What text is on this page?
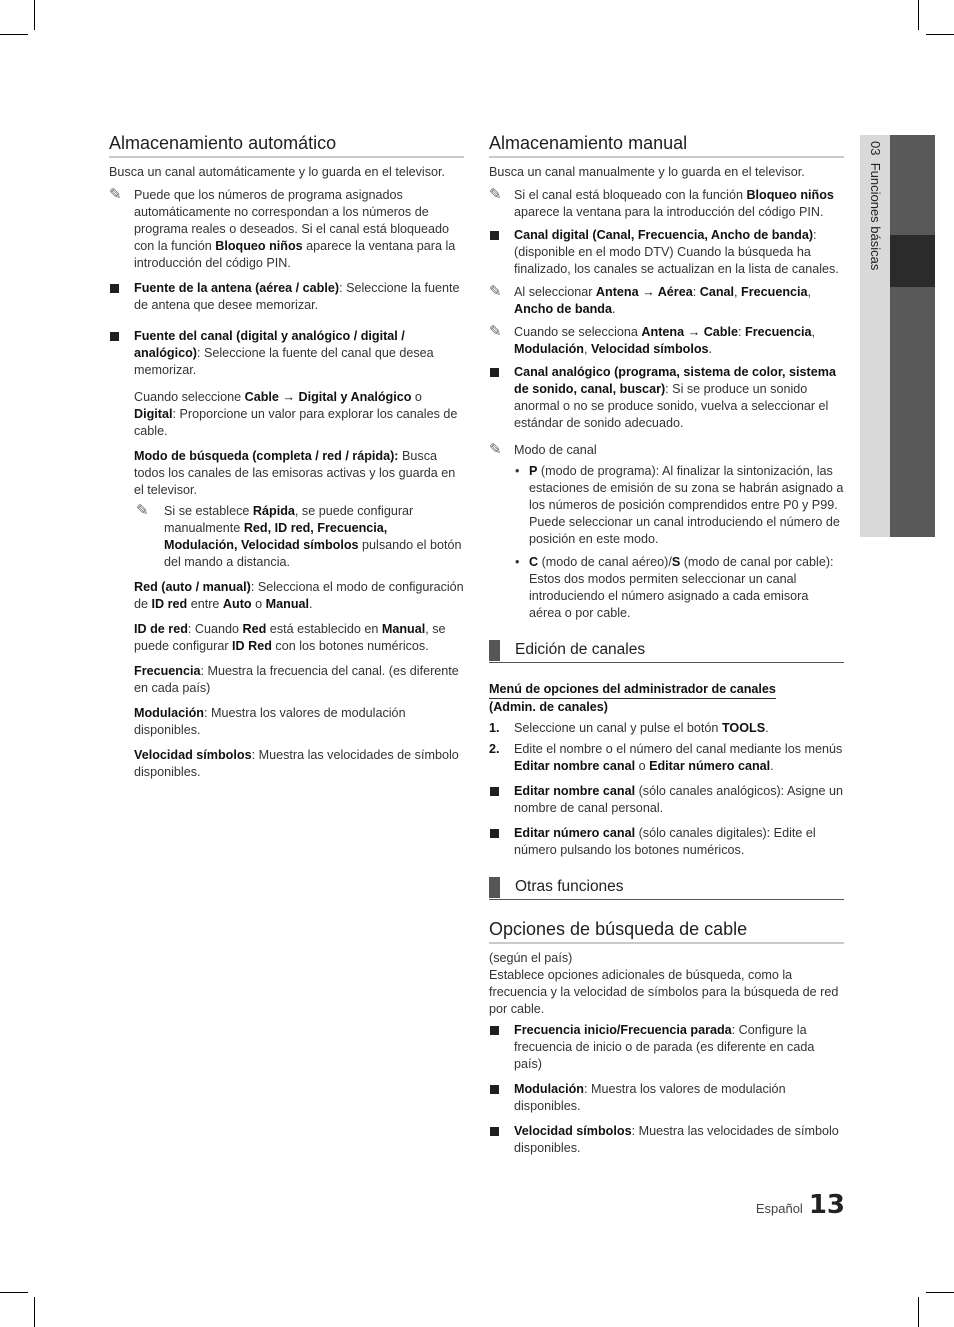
Almacenamiento automático

Busca un canal automáticamente y lo guarda en el televisor.

✎ Puede que los números de programa asignados automáticamente no correspondan a los números de programa reales o deseados. Si el canal está bloqueado con la función Bloqueo niños aparece la ventana para la introducción del código PIN.
Fuente de la antena (aérea / cable): Seleccione la fuente de antena que desee memorizar.
Fuente del canal (digital y analógico / digital / analógico): Seleccione la fuente del canal que desea memorizar.

Cuando seleccione Cable → Digital y Analógico o Digital: Proporcione un valor para explorar los canales de cable.

Modo de búsqueda (completa / red / rápida): Busca todos los canales de las emisoras activas y los guarda en el televisor.

✎ Si se establece Rápida, se puede configurar manualmente Red, ID red, Frecuencia, Modulación, Velocidad símbolos pulsando el botón del mando a distancia.

Red (auto / manual): Selecciona el modo de configuración de ID red entre Auto o Manual.

ID de red: Cuando Red está establecido en Manual, se puede configurar ID Red con los botones numéricos.

Frecuencia: Muestra la frecuencia del canal. (es diferente en cada país)

Modulación: Muestra los valores de modulación disponibles.

Velocidad símbolos: Muestra las velocidades de símbolo disponibles.

Almacenamiento manual

Busca un canal manualmente y lo guarda en el televisor.

✎ Si el canal está bloqueado con la función Bloqueo niños aparece la ventana para la introducción del código PIN.
Canal digital (Canal, Frecuencia, Ancho de banda): (disponible en el modo DTV) Cuando la búsqueda ha finalizado, los canales se actualizan en la lista de canales.
✎ Al seleccionar Antena → Aérea: Canal, Frecuencia, Ancho de banda.
✎ Cuando se selecciona Antena → Cable: Frecuencia, Modulación, Velocidad símbolos.
Canal analógico (programa, sistema de color, sistema de sonido, canal, buscar): Si se produce un sonido anormal o no se produce sonido, vuelva a seleccionar el estándar de sonido adecuado.
✎ Modo de canal
• P (modo de programa): Al finalizar la sintonización, las estaciones de emisión de su zona se habrán asignado a los números de posición comprendidos entre P0 y P99. Puede seleccionar un canal introduciendo el número de posición en este modo.
• C (modo de canal aéreo)/S (modo de canal por cable): Estos dos modos permiten seleccionar un canal introduciendo el número asignado a cada emisora aérea o por cable.
Edición de canales

Menú de opciones del administrador de canales

(Admin. de canales)

1. Seleccione un canal y pulse el botón TOOLS.
2. Edite el nombre o el número del canal mediante los menús Editar nombre canal o Editar número canal.
Editar nombre canal (sólo canales analógicos): Asigne un nombre de canal personal.
Editar número canal (sólo canales digitales): Edite el número pulsando los botones numéricos.
Otras funciones
Opciones de búsqueda de cable

(según el país)

Establece opciones adicionales de búsqueda, como la frecuencia y la velocidad de símbolos para la búsqueda de red por cable.

Frecuencia inicio/Frecuencia parada: Configure la frecuencia de inicio o de parada (es diferente en cada país)
Modulación: Muestra los valores de modulación disponibles.
Velocidad símbolos: Muestra las velocidades de símbolo disponibles.
03  Funciones básicas
Español 13
